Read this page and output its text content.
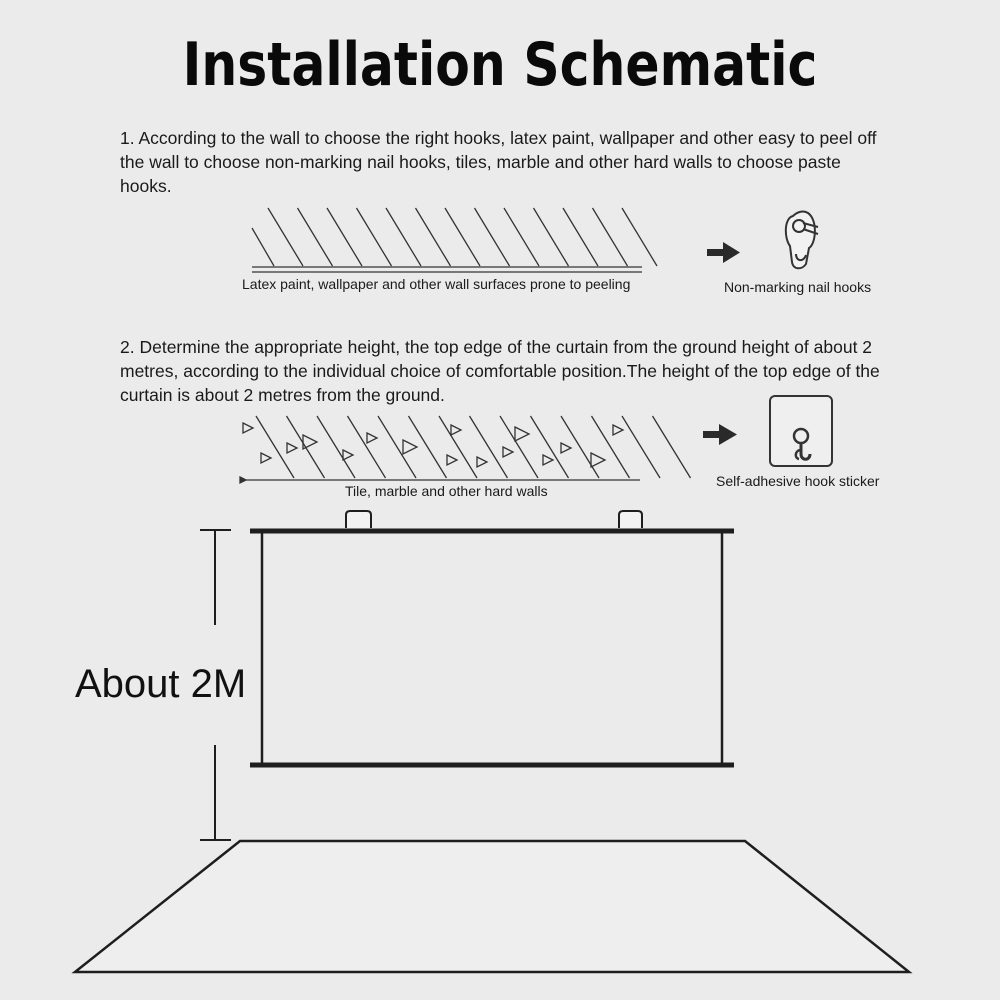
Installation Schematic
1. According to the wall to choose the right hooks, latex paint, wallpaper and other easy to peel off the wall to choose non-marking nail hooks, tiles, marble and other hard walls to choose paste hooks.
2. Determine the appropriate height, the top edge of the curtain from the ground height of about 2 metres, according to the individual choice of comfortable position.The height of the top edge of the curtain is about 2 metres from the ground.
Latex paint, wallpaper and other wall surfaces prone to peeling	Non-marking nail hooks
Tile, marble and other hard walls
Self-adhesive hook sticker
About 2M
